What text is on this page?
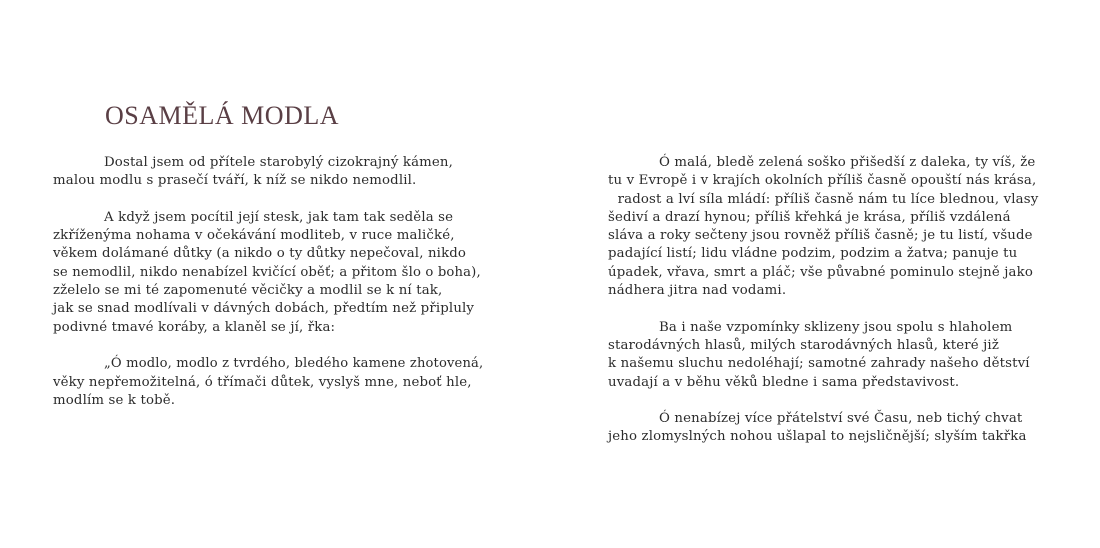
OSAMĚLÁ MODLA
Dostal jsem od přítele starobylý cizokrajný kámen,
malou modlu s prasečí tváří, k níž se nikdo nemodlil.
A když jsem pocítil její stesk, jak tam tak seděla se
zkříženýma nohama v očekávání modliteb, v ruce maličké,
věkem dolámané důtky (a nikdo o ty důtky nepečoval, nikdo
se nemodlil, nikdo nenabízel kvičící oběť; a přitom šlo o boha),
zželelo se mi té zapomenuté věcičky a modlil se k ní tak,
jak se snad modlívali v dávných dobách, předtím než připluly
podivné tmavé koráby, a klaněl se jí, řka:
„Ó modlo, modlo z tvrdého, bledého kamene zhotovená,
věky nepřemožitelná, ó třímači důtek, vyslyš mne, neboť hle,
modlím se k tobě.
Ó malá, bledě zelená soško přišedší z daleka, ty víš, že
tu v Evropě i v krajích okolních příliš časně opouští nás krása,
radost a lví síla mládí: příliš časně nám tu líce blednou, vlasy
šediví a drazí hynou; příliš křehká je krása, příliš vzdálená
sláva a roky sečteny jsou rovněž příliš časně; je tu listí, všude
padající listí; lidu vládne podzim, podzim a žatva; panuje tu
úpadek, vřava, smrt a pláč; vše půvabné pominulo stejně jako
nádhera jitra nad vodami.
Ba i naše vzpomínky sklizeny jsou spolu s hlaholem
starodávných hlasů, milých starodávných hlasů, které již
k našemu sluchu nedoléhají; samotné zahrady našeho dětství
uvadají a v běhu věků bledne i sama představivost.
Ó nenabízej více přátelství své Času, neb tichý chvat
jeho zlomyslných nohou ušlapal to nejsličnější; slyším takřka
